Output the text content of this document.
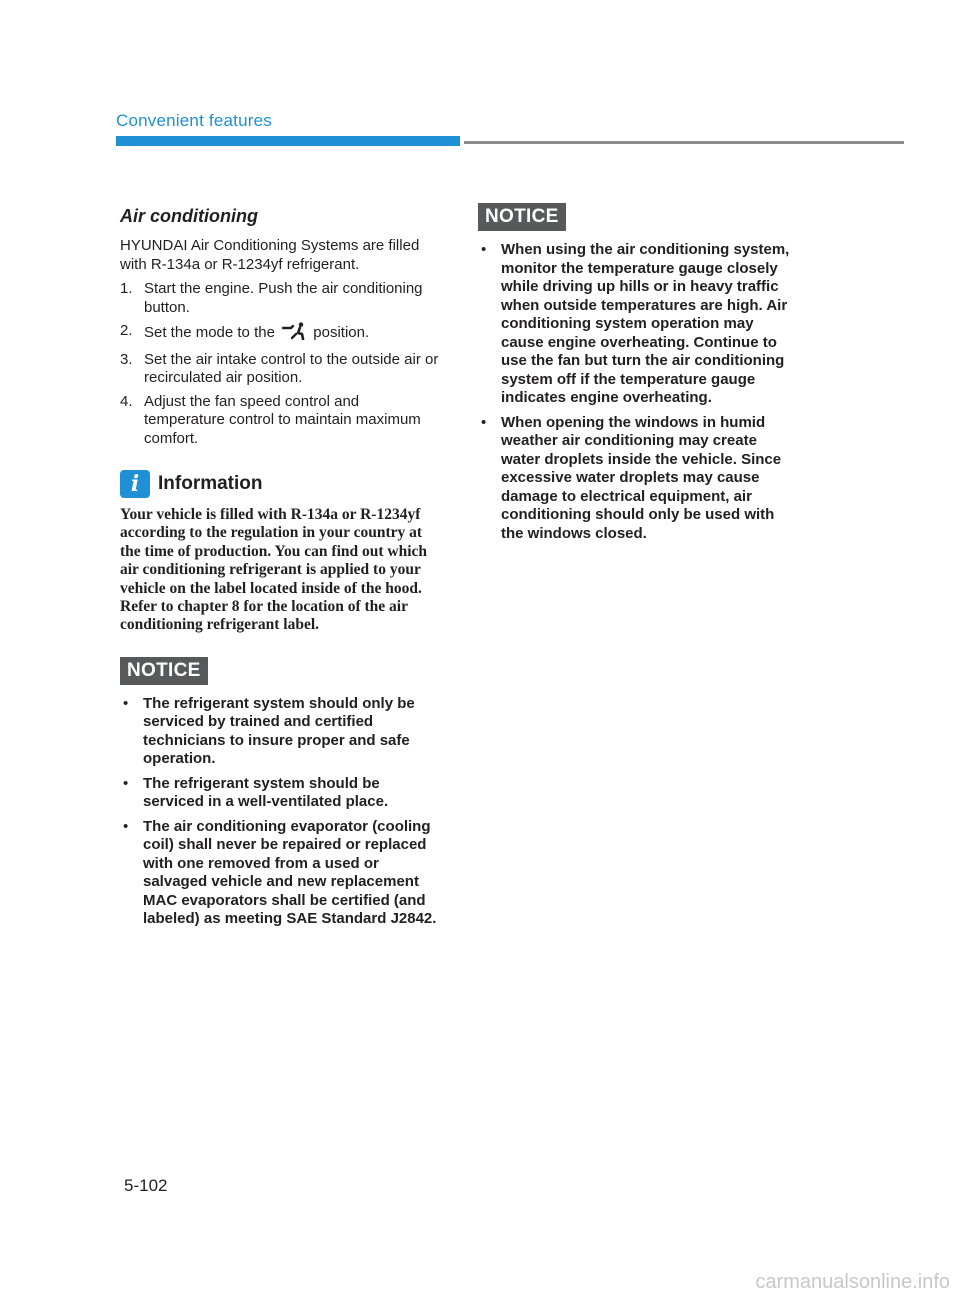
Convenient features
Air conditioning

HYUNDAI Air Conditioning Systems are filled with R-134a or R-1234yf refrigerant.

1. Start the engine. Push the air conditioning button.
2. Set the mode to the	position.
3. Set the air intake control to the outside air or recirculated air position.
4. Adjust the fan speed control and temperature control to maintain maximum comfort.
i Information

Your vehicle is filled with R-134a or R-1234yf according to the regulation in your country at the time of production. You can find out which air conditioning refrigerant is applied to your vehicle on the label located inside of the hood. Refer to chapter 8 for the location of the air conditioning refrigerant label.

NOTICE
• The refrigerant system should only be serviced by trained and certified technicians to insure proper and safe operation.
• The refrigerant system should be serviced in a well-ventilated place.
• The air conditioning evaporator (cooling coil) shall never be repaired or replaced with one removed from a used or salvaged vehicle and new replacement MAC evaporators shall be certified (and labeled) as meeting SAE Standard J2842.
NOTICE
• When using the air conditioning system, monitor the temperature gauge closely while driving up hills or in heavy traffic when outside temperatures are high. Air conditioning system operation may cause engine overheating. Continue to use the fan but turn the air conditioning system off if the temperature gauge indicates engine overheating.
• When opening the windows in humid weather air conditioning may create water droplets inside the vehicle. Since excessive water droplets may cause damage to electrical equipment, air conditioning should only be used with the windows closed.
5-102
carmanualsonline.info
